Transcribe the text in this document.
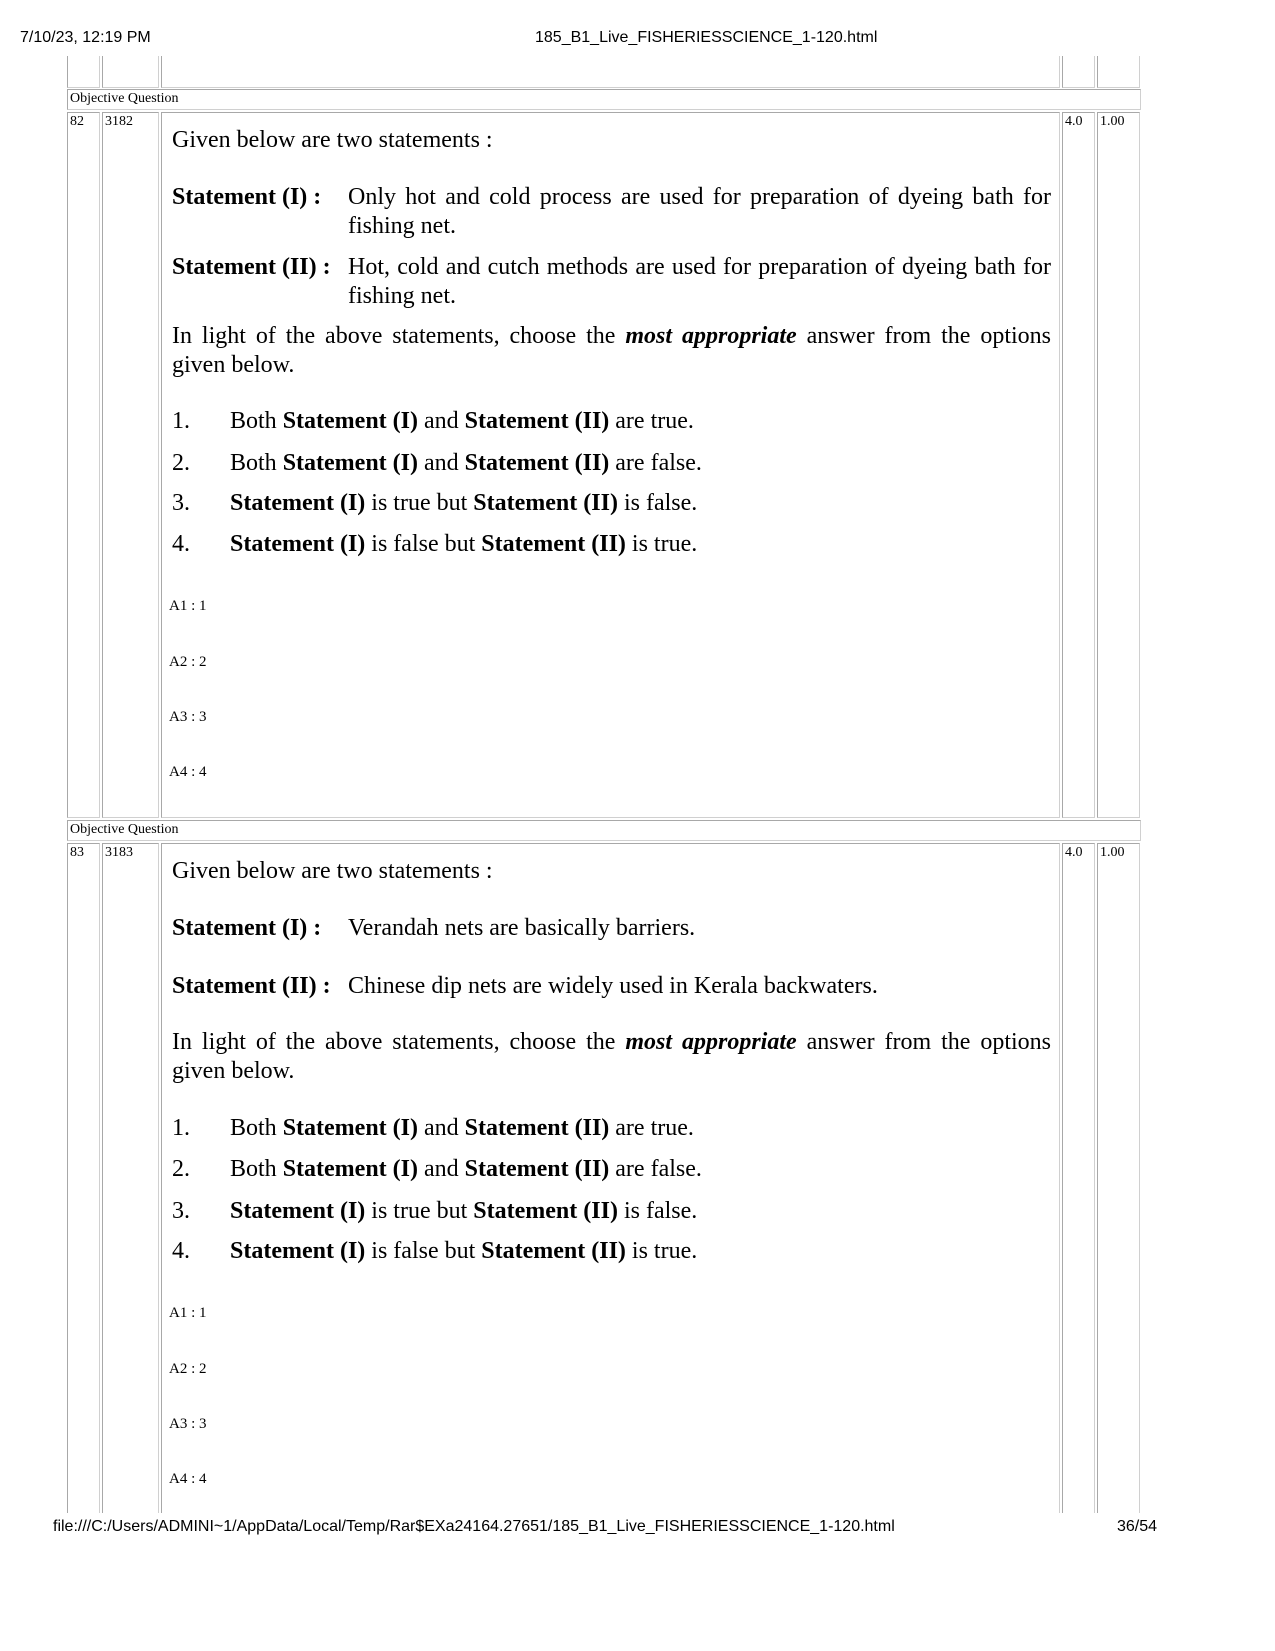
7/10/23, 12:19 PM	185_B1_Live_FISHERIESSCIENCE_1-120.html
Objective Question
82 3182	4.0 1.00
Given below are two statements :
Statement (I) : Only hot and cold process are used for preparation of dyeing bath for fishing net.
Statement (II) : Hot, cold and cutch methods are used for preparation of dyeing bath for fishing net.
In light of the above statements, choose the most appropriate answer from the options given below.
1. Both Statement (I) and Statement (II) are true.
2. Both Statement (I) and Statement (II) are false.
3. Statement (I) is true but Statement (II) is false.
4. Statement (I) is false but Statement (II) is true.
A1 : 1
A2 : 2
A3 : 3
A4 : 4
Objective Question
83 3183	4.0 1.00
Given below are two statements :
Statement (I) : Verandah nets are basically barriers.
Statement (II) : Chinese dip nets are widely used in Kerala backwaters.
In light of the above statements, choose the most appropriate answer from the options given below.
1. Both Statement (I) and Statement (II) are true.
2. Both Statement (I) and Statement (II) are false.
3. Statement (I) is true but Statement (II) is false.
4. Statement (I) is false but Statement (II) is true.
A1 : 1
A2 : 2
A3 : 3
A4 : 4
file:///C:/Users/ADMINI~1/AppData/Local/Temp/Rar$EXa24164.27651/185_B1_Live_FISHERIESSCIENCE_1-120.html	36/54
